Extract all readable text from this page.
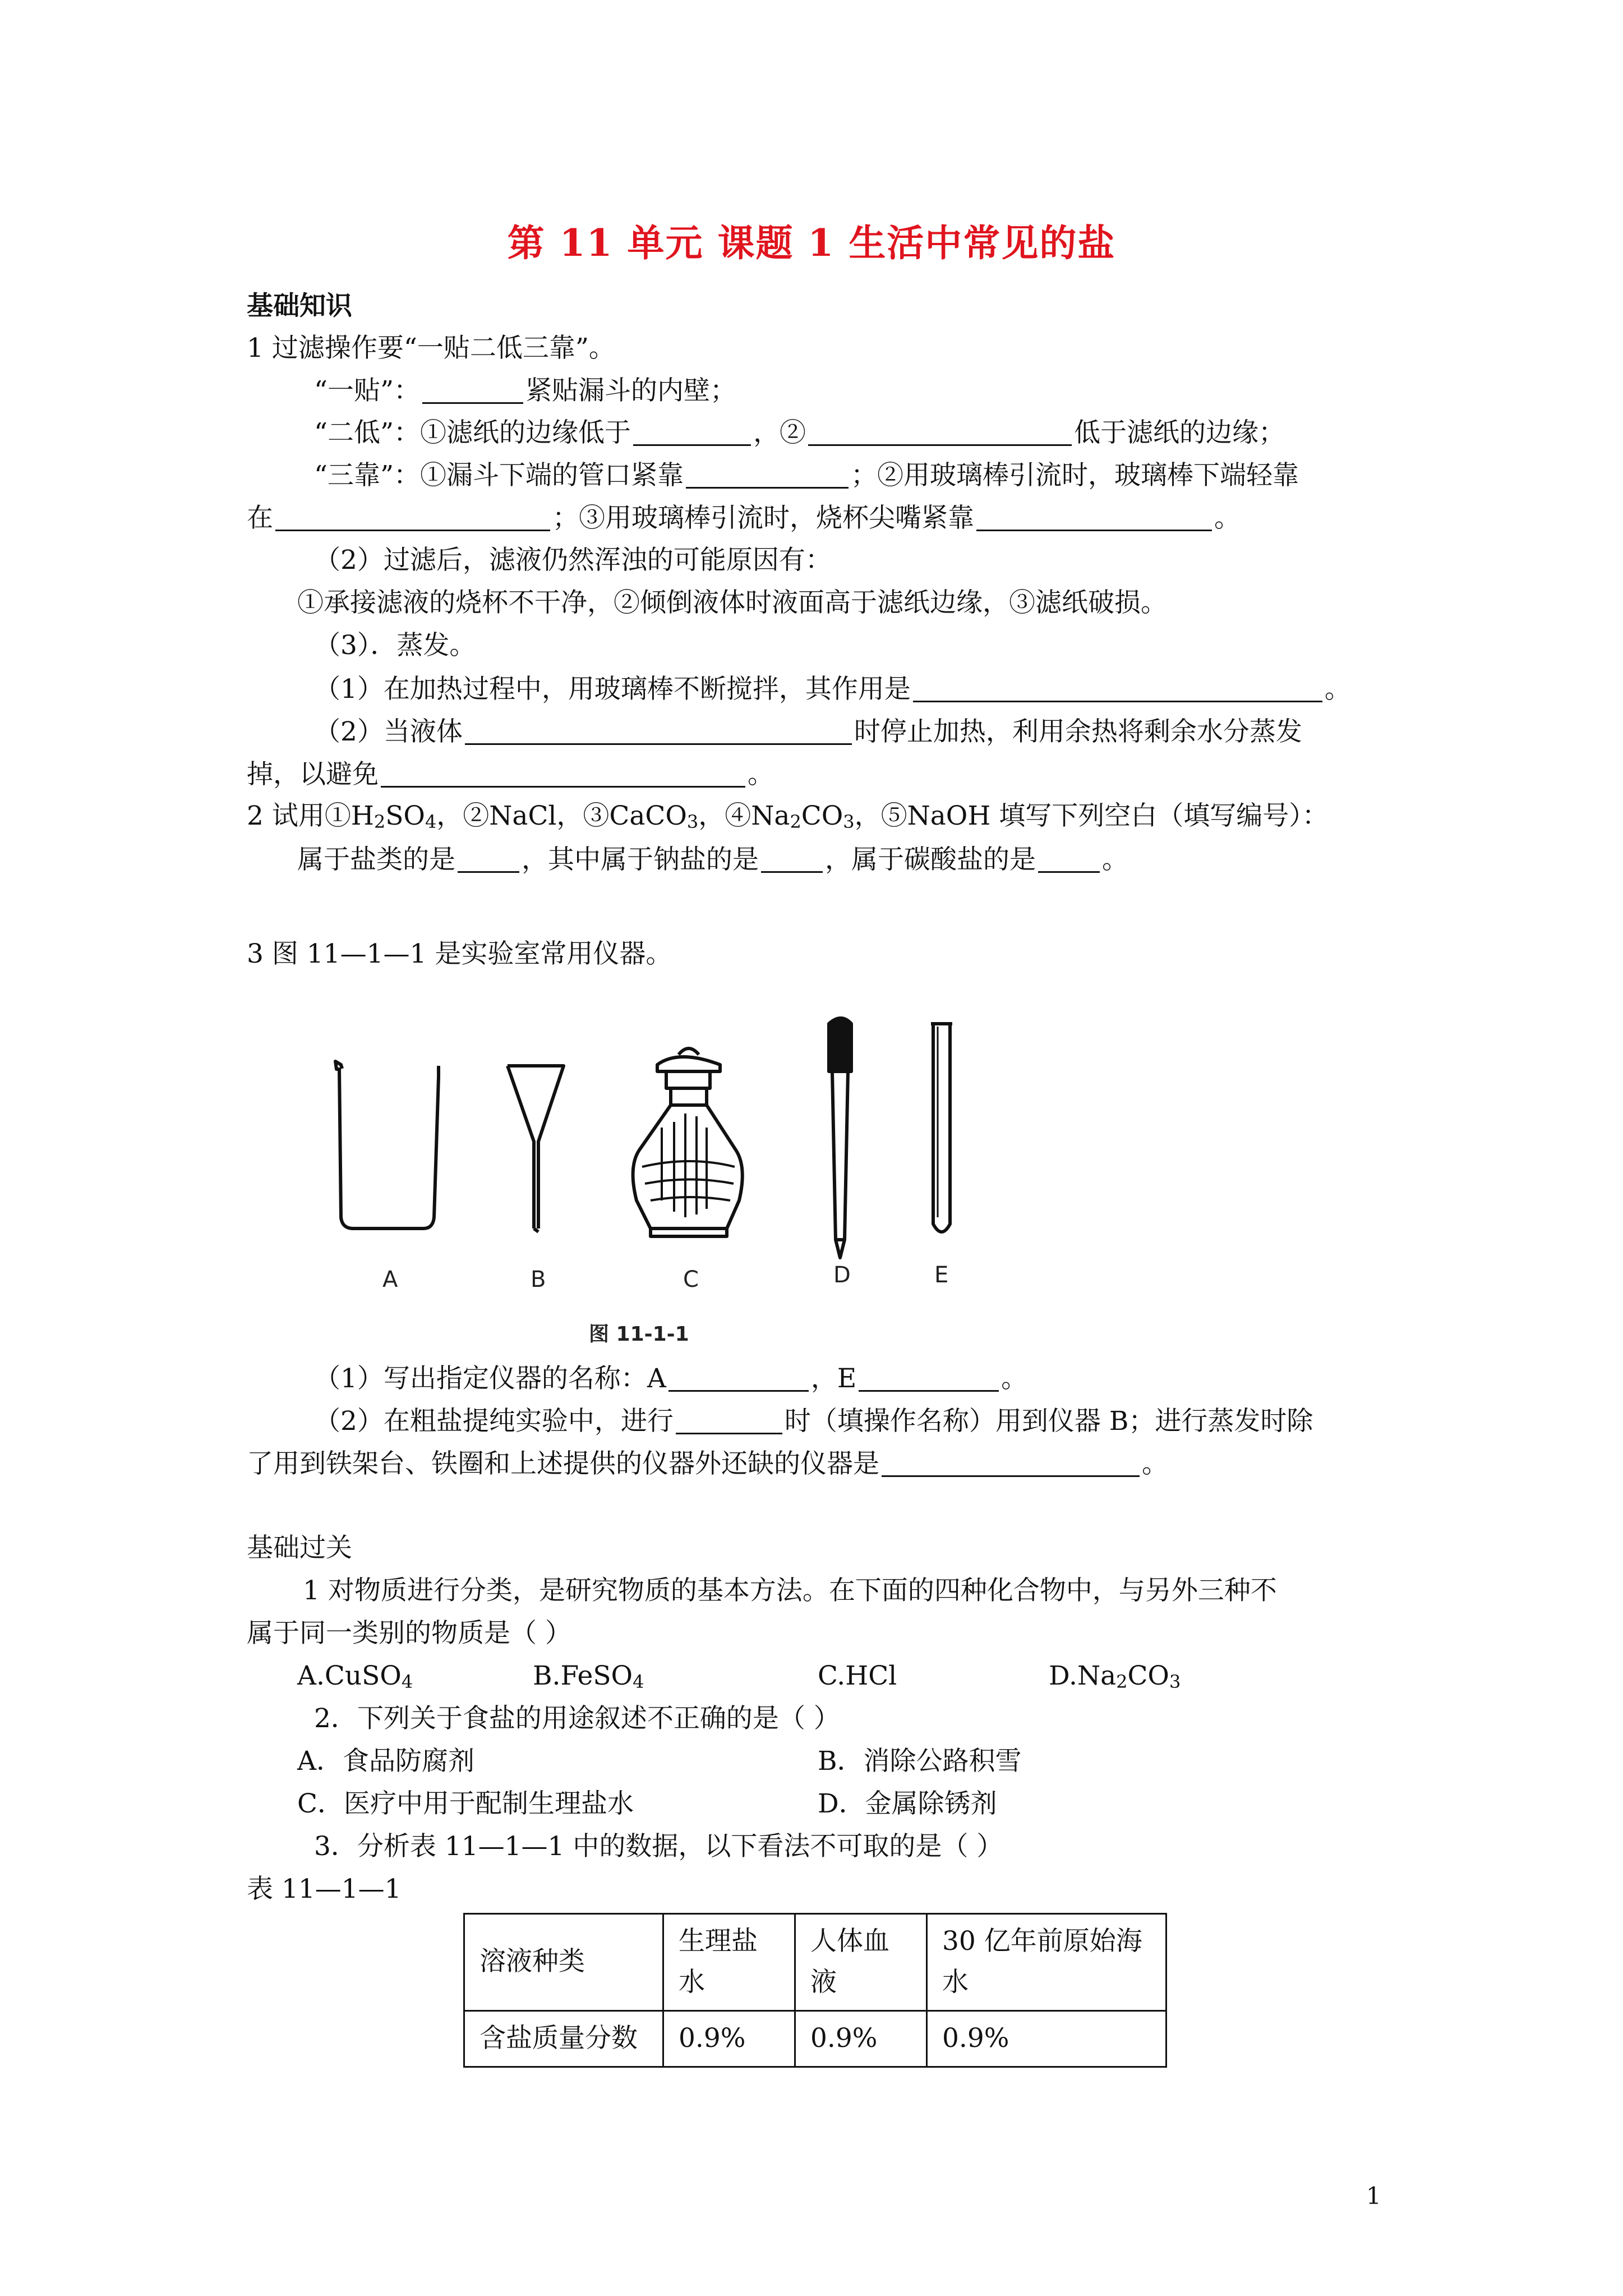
第 11 单元 课题 1 生活中常见的盐
基础知识
1 过滤操作要“一贴二低三靠”。
“一贴”：	紧贴漏斗的内壁；
“二低”：①滤纸的边缘低于	，②	低于滤纸的边缘；
“三靠”：①漏斗下端的管口紧靠	；②用玻璃棒引流时，玻璃棒下端轻靠
在	；③用玻璃棒引流时，烧杯尖嘴紧靠	。
（2）过滤后，滤液仍然浑浊的可能原因有：
①承接滤液的烧杯不干净，②倾倒液体时液面高于滤纸边缘，③滤纸破损。
（3）．蒸发。
（1）在加热过程中，用玻璃棒不断搅拌，其作用是	。
（2）当液体	时停止加热，利用余热将剩余水分蒸发
掉，以避免	。
2 试用$①H_2SO_4$，②NaCl，③CaCO$_3$，$④Na_2CO_3$，⑤NaOH 填写下列空白（填写编号）：
属于盐类的是	，其中属于钠盐的是	，属于碳酸盐的是	。
3 图 11—1—1 是实验室常用仪器。
A	B	C	D	E
图 11-1-1
（1）写出指定仪器的名称：A	，E	。
（2）在粗盐提纯实验中，进行	时（填操作名称）用到仪器 B；进行蒸发时除
了用到铁架台、铁圈和上述提供的仪器外还缺的仪器是	。
基础过关
1 对物质进行分类，是研究物质的基本方法。在下面的四种化合物中，与另外三种不
属于同一类别的物质是（ ）
A.CuSO$_4$	B.FeSO$_4$	C.HCl	$D.Na_2CO_3$
2．下列关于食盐的用途叙述不正确的是（ ）
A．食品防腐剂	B．消除公路积雪
C．医疗中用于配制生理盐水	D．金属除锈剂
3．分析表 11—1—1 中的数据，以下看法不可取的是（ ）
表 11—1—1
溶液种类	生理盐水	人体血液	30 亿年前原始海水
含盐质量分数	0.9%	0.9%	0.9%
1
